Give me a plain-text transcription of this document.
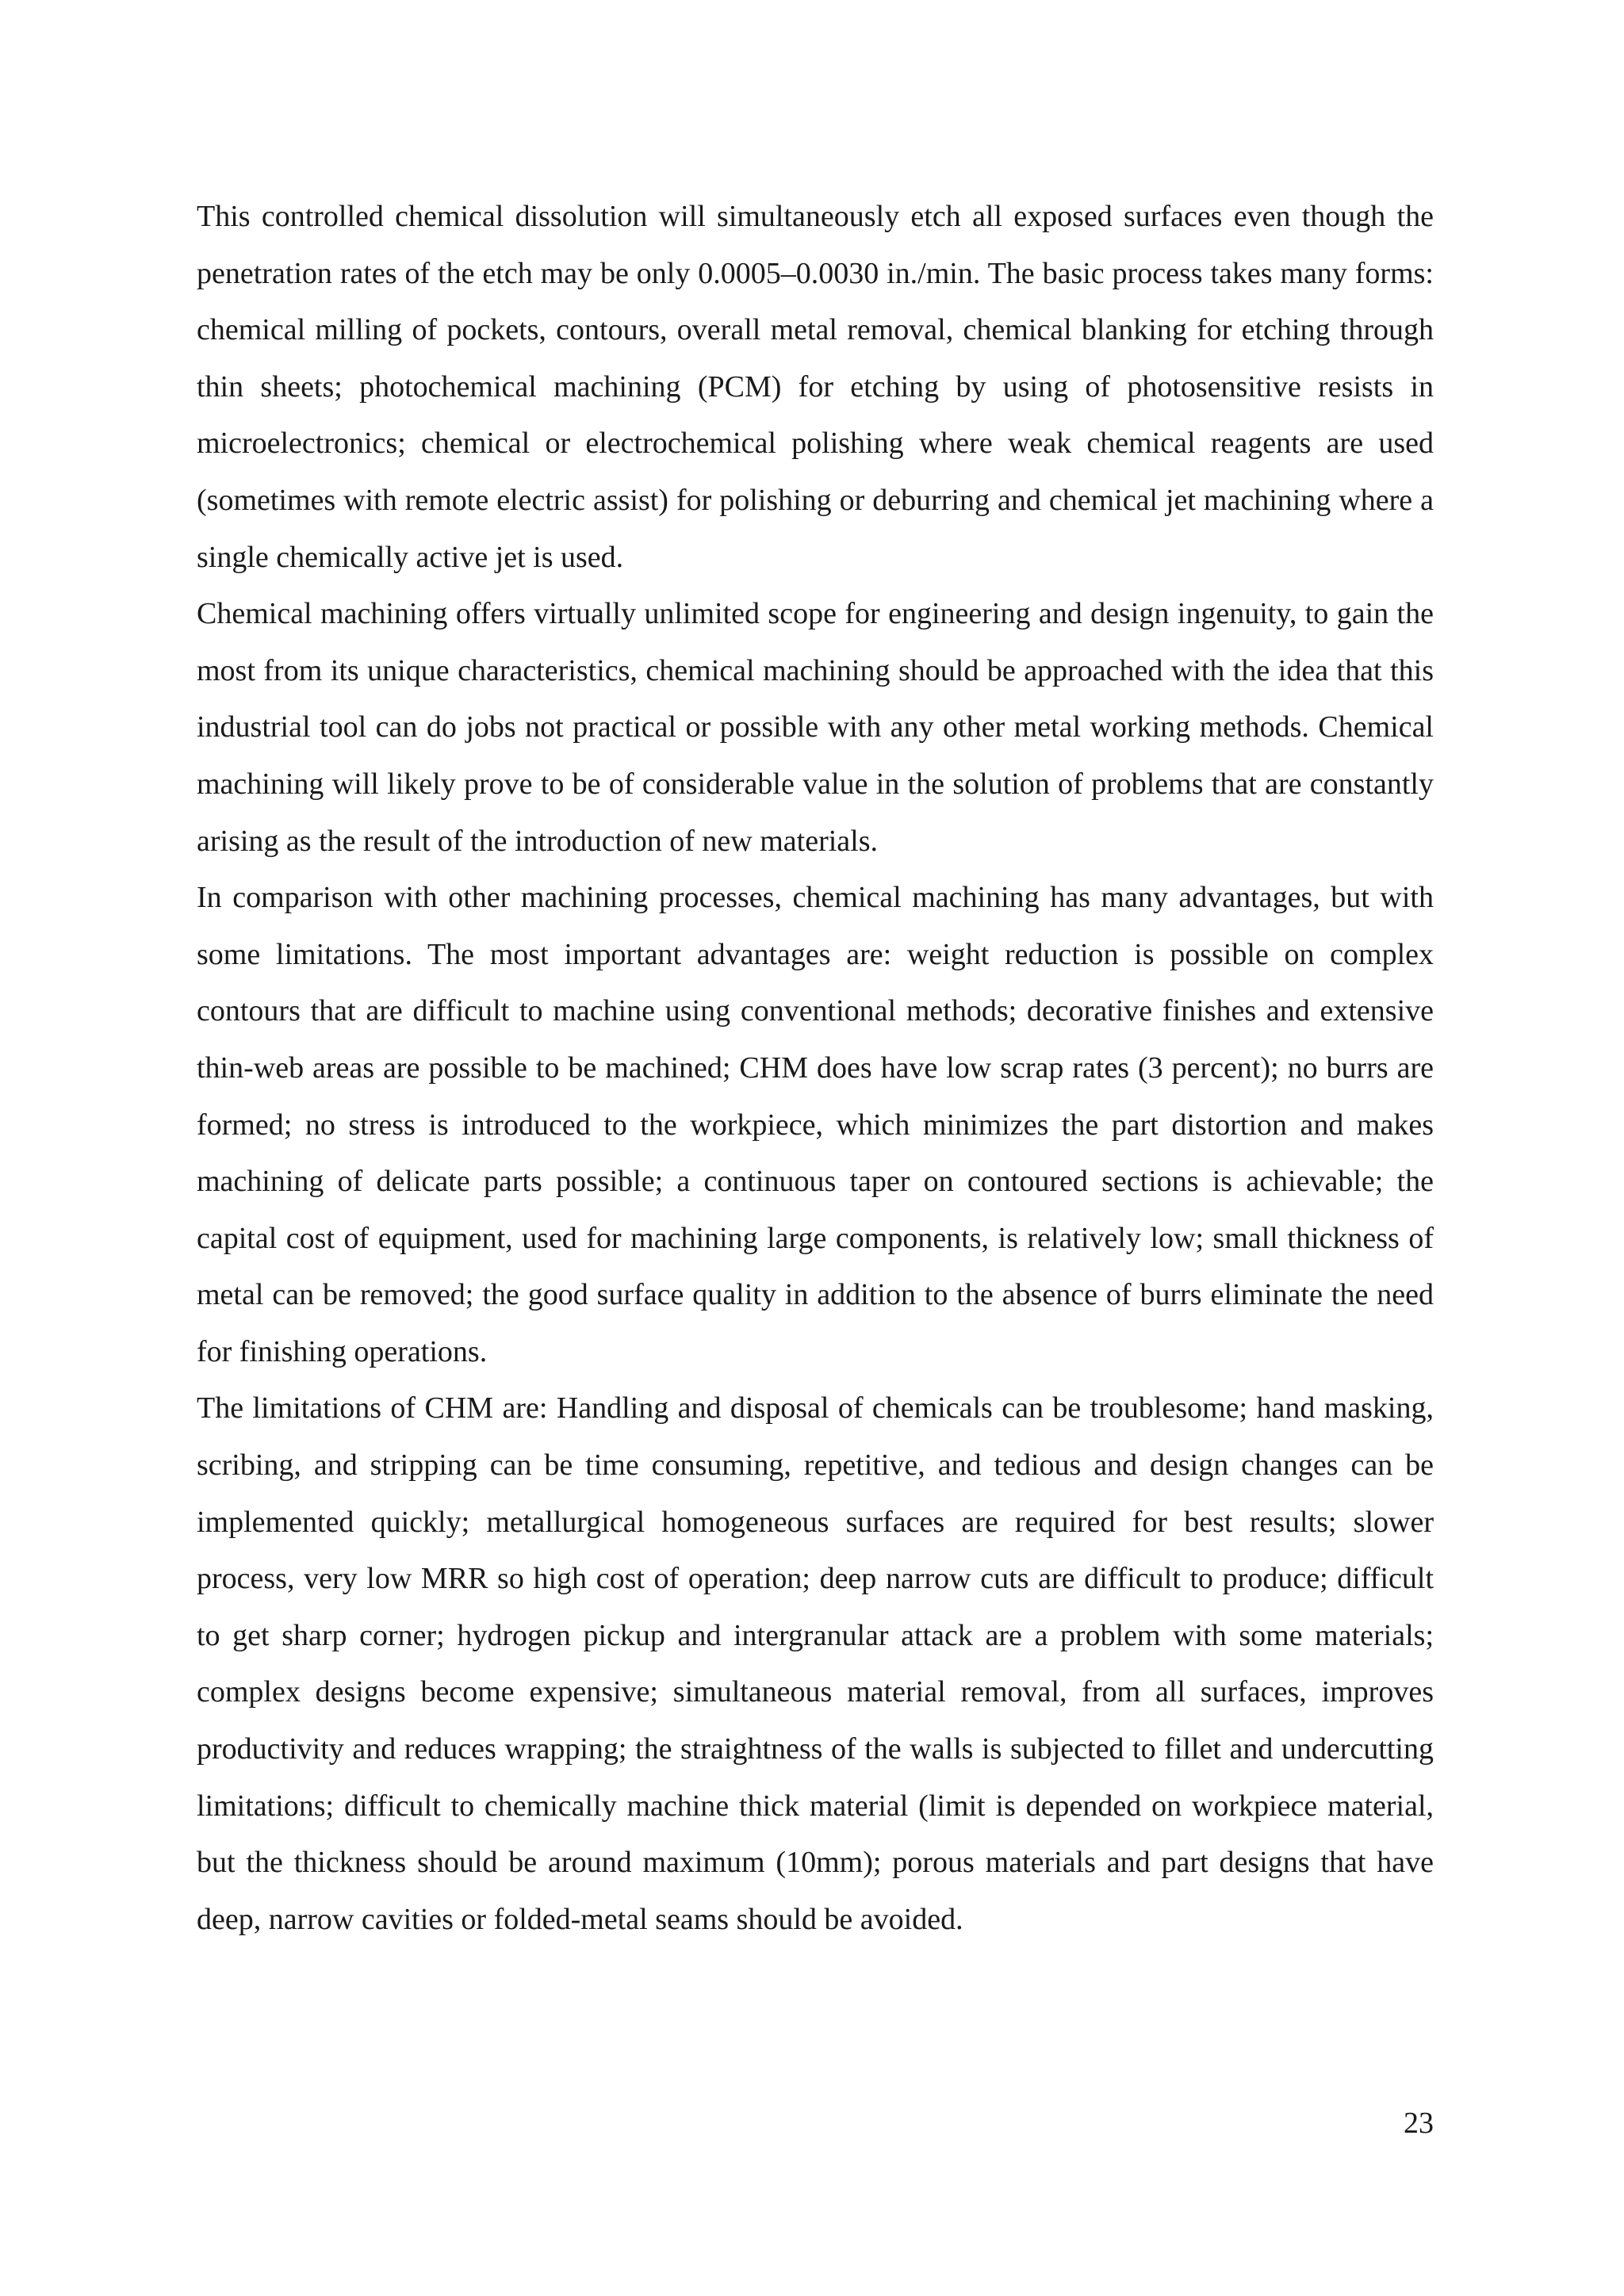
This controlled chemical dissolution will simultaneously etch all exposed surfaces even though the penetration rates of the etch may be only 0.0005–0.0030 in./min. The basic process takes many forms: chemical milling of pockets, contours, overall metal removal, chemical blanking for etching through thin sheets; photochemical machining (PCM) for etching by using of photosensitive resists in microelectronics; chemical or electrochemical polishing where weak chemical reagents are used (sometimes with remote electric assist) for polishing or deburring and chemical jet machining where a single chemically active jet is used.

Chemical machining offers virtually unlimited scope for engineering and design ingenuity, to gain the most from its unique characteristics, chemical machining should be approached with the idea that this industrial tool can do jobs not practical or possible with any other metal working methods. Chemical machining will likely prove to be of considerable value in the solution of problems that are constantly arising as the result of the introduction of new materials.

In comparison with other machining processes, chemical machining has many advantages, but with some limitations. The most important advantages are: weight reduction is possible on complex contours that are difficult to machine using conventional methods; decorative finishes and extensive thin-web areas are possible to be machined; CHM does have low scrap rates (3 percent); no burrs are formed; no stress is introduced to the workpiece, which minimizes the part distortion and makes machining of delicate parts possible; a continuous taper on contoured sections is achievable; the capital cost of equipment, used for machining large components, is relatively low; small thickness of metal can be removed; the good surface quality in addition to the absence of burrs eliminate the need for finishing operations.

The limitations of CHM are: Handling and disposal of chemicals can be troublesome; hand masking, scribing, and stripping can be time consuming, repetitive, and tedious and design changes can be implemented quickly; metallurgical homogeneous surfaces are required for best results; slower process, very low MRR so high cost of operation; deep narrow cuts are difficult to produce; difficult to get sharp corner; hydrogen pickup and intergranular attack are a problem with some materials; complex designs become expensive; simultaneous material removal, from all surfaces, improves productivity and reduces wrapping; the straightness of the walls is subjected to fillet and undercutting limitations; difficult to chemically machine thick material (limit is depended on workpiece material, but the thickness should be around maximum (10mm); porous materials and part designs that have deep, narrow cavities or folded-metal seams should be avoided.

23
